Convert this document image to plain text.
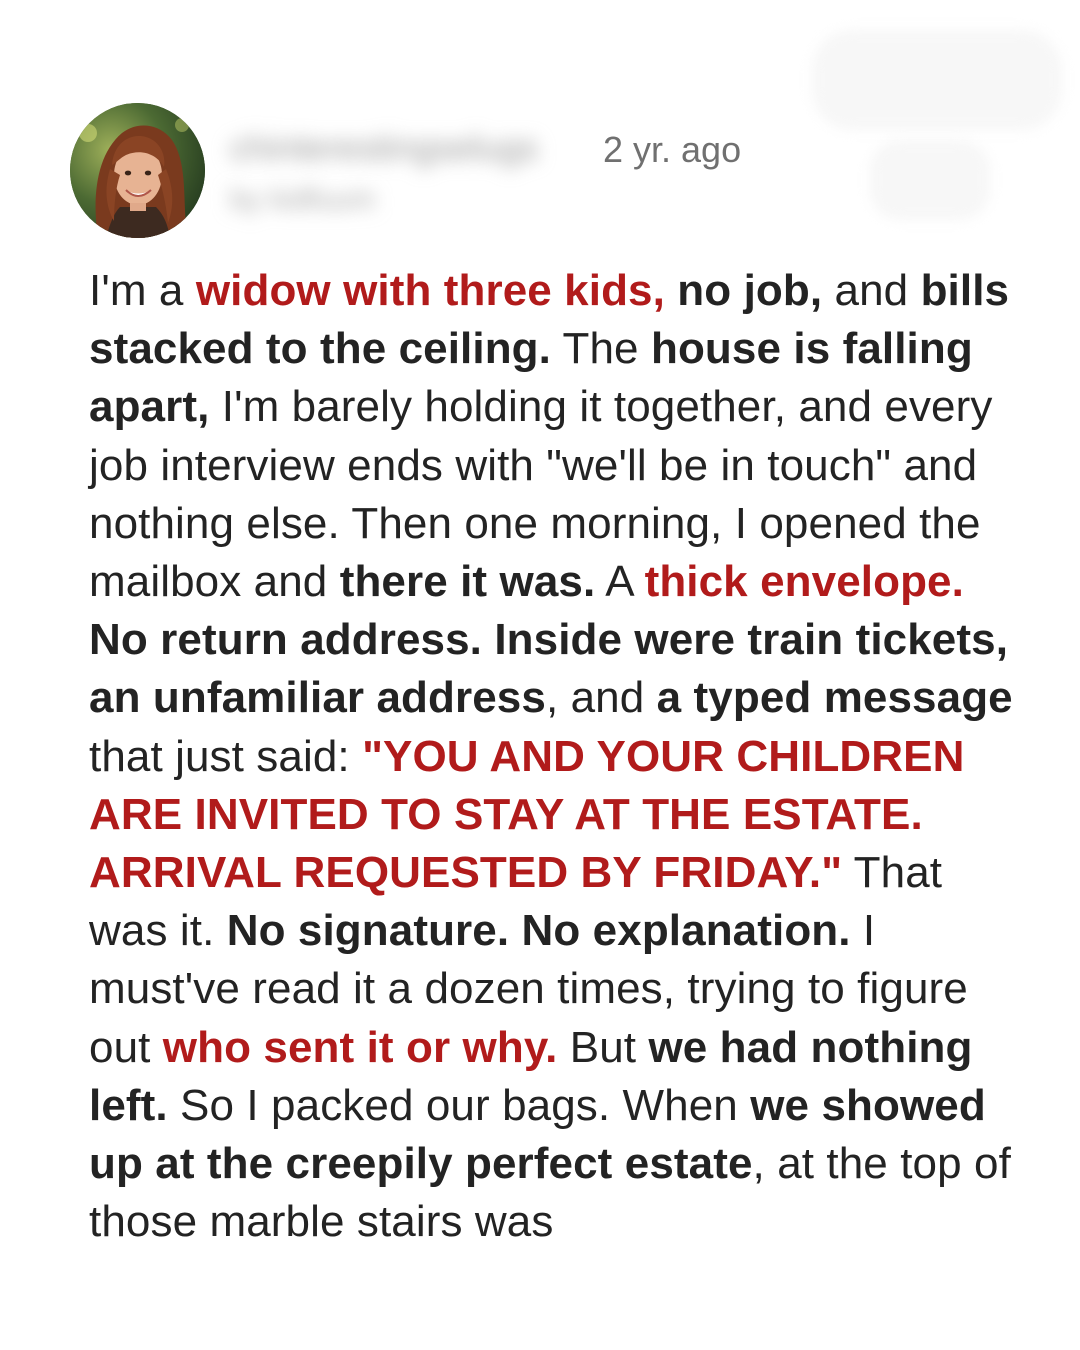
chinterestingselugs
by kidfuum
2 yr. ago

I'm a widow with three kids, no job, and bills stacked to the ceiling. The house is falling apart, I'm barely holding it together, and every job interview ends with "we'll be in touch" and nothing else. Then one morning, I opened the mailbox and there it was. A thick envelope. No return address. Inside were train tickets, an unfamiliar address, and a typed message that just said: "YOU AND YOUR CHILDREN ARE INVITED TO STAY AT THE ESTATE. ARRIVAL REQUESTED BY FRIDAY." That was it. No signature. No explanation. I must've read it a dozen times, trying to figure out who sent it or why. But we had nothing left. So I packed our bags. When we showed up at the creepily perfect estate, at the top of those marble stairs was
